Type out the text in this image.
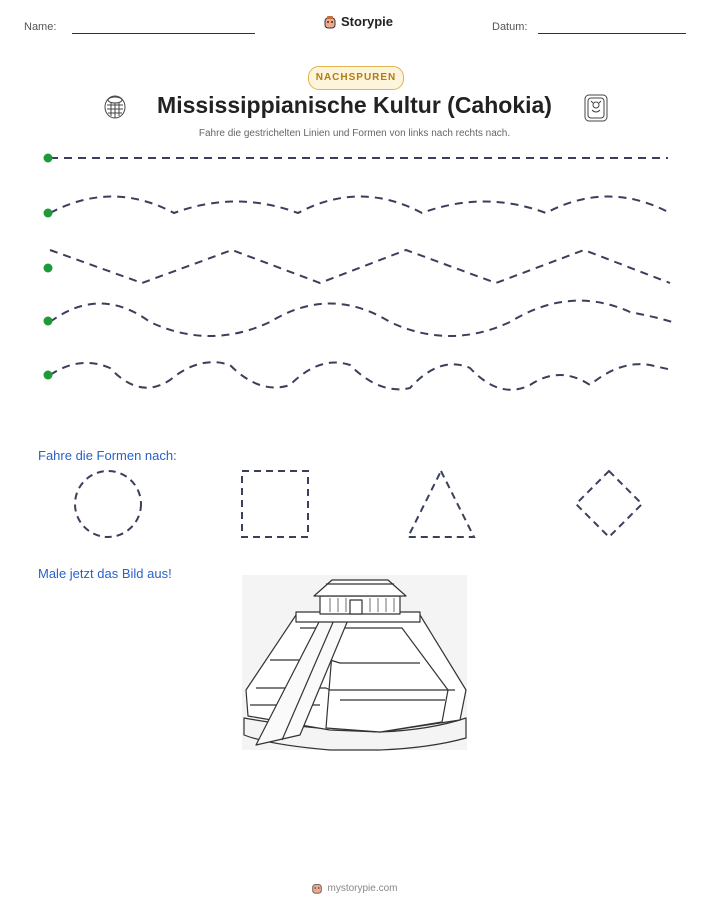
Name:	Storypie	Datum:
NACHSPUREN
Mississippianische Kultur (Cahokia)
Fahre die gestrichelten Linien und Formen von links nach rechts nach.
Fahre die Formen nach:
Male jetzt das Bild aus!
mystorypie.com
